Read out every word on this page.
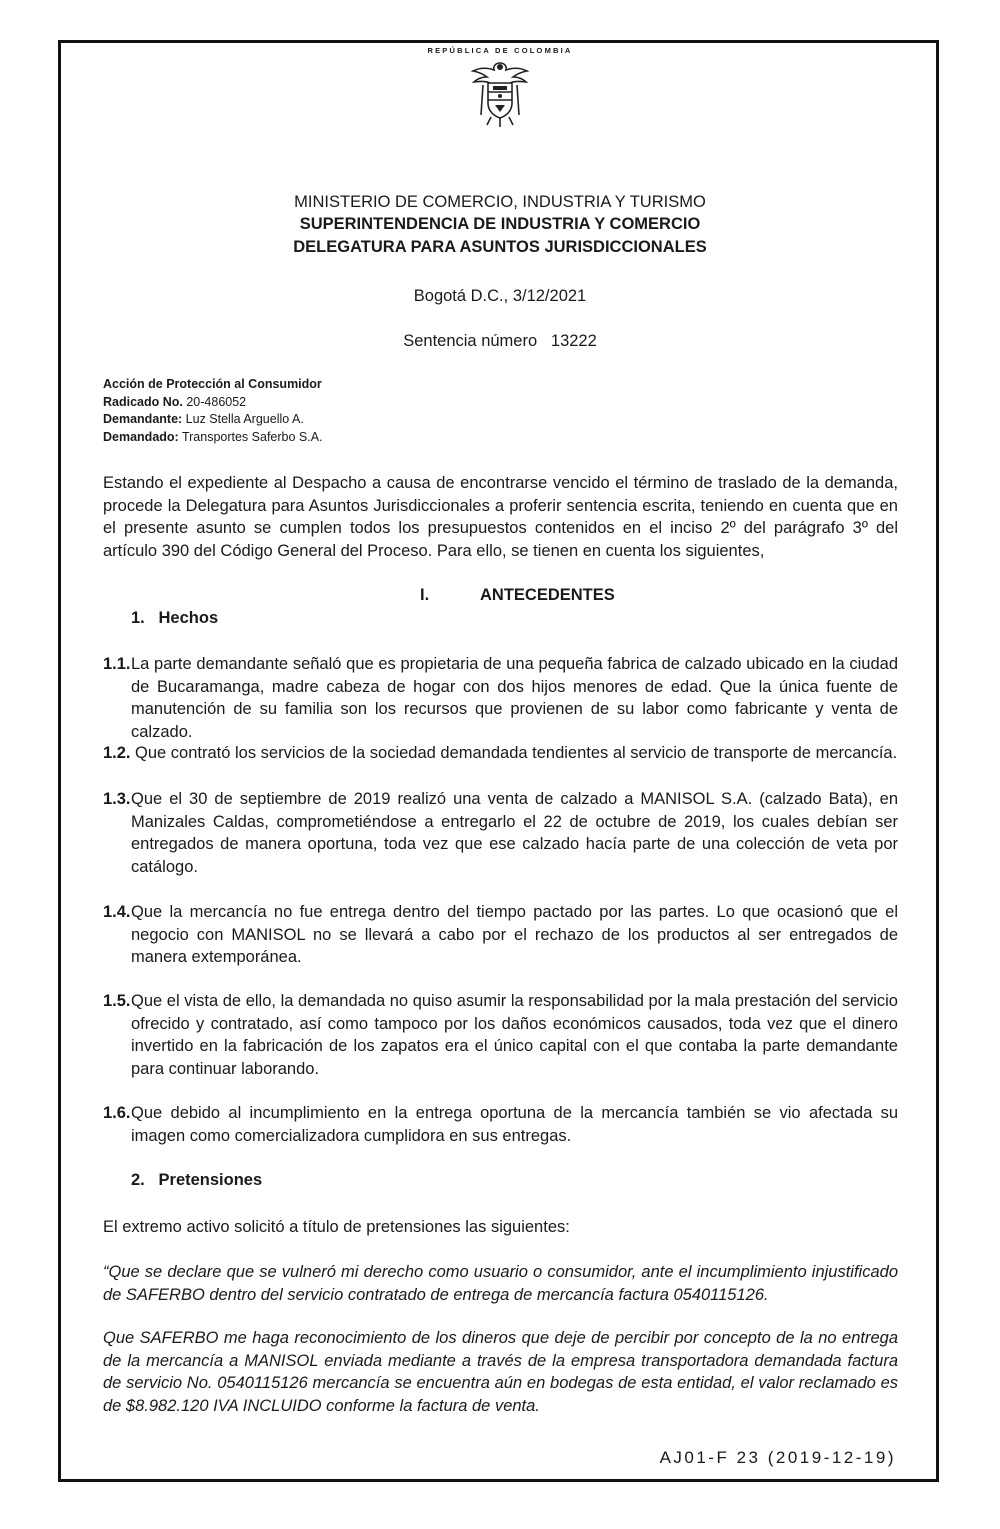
REPÚBLICA DE COLOMBIA
MINISTERIO DE COMERCIO, INDUSTRIA Y TURISMO
SUPERINTENDENCIA DE INDUSTRIA Y COMERCIO
DELEGATURA PARA ASUNTOS JURISDICCIONALES
Bogotá D.C., 3/12/2021
Sentencia número   13222
Acción de Protección al Consumidor
Radicado No. 20-486052
Demandante: Luz Stella Arguello A.
Demandado: Transportes Saferbo S.A.
Estando el expediente al Despacho a causa de encontrarse vencido el término de traslado de la demanda, procede la Delegatura para Asuntos Jurisdiccionales a proferir sentencia escrita, teniendo en cuenta que en el presente asunto se cumplen todos los presupuestos contenidos en el inciso 2º del parágrafo 3º del artículo 390 del Código General del Proceso. Para ello, se tienen en cuenta los siguientes,
I.	ANTECEDENTES
1.   Hechos
1.1. La parte demandante señaló que es propietaria de una pequeña fabrica de calzado ubicado en la ciudad de Bucaramanga, madre cabeza de hogar con dos hijos menores de edad. Que la única fuente de manutención de su familia son los recursos que provienen de su labor como fabricante y venta de calzado.
1.2. Que contrató los servicios de la sociedad demandada tendientes al servicio de transporte de mercancía.
1.3. Que el 30 de septiembre de 2019 realizó una venta de calzado a MANISOL S.A. (calzado Bata), en Manizales Caldas, comprometiéndose a entregarlo el 22 de octubre de 2019, los cuales debían ser entregados de manera oportuna, toda vez que ese calzado hacía parte de una colección de veta por catálogo.
1.4. Que la mercancía no fue entrega dentro del tiempo pactado por las partes. Lo que ocasionó que el negocio con MANISOL no se llevará a cabo por el rechazo de los productos al ser entregados de manera extemporánea.
1.5. Que el vista de ello, la demandada no quiso asumir la responsabilidad por la mala prestación del servicio ofrecido y contratado, así como tampoco por los daños económicos causados, toda vez que el dinero invertido en la fabricación de los zapatos era el único capital con el que contaba la parte demandante para continuar laborando.
1.6. Que debido al incumplimiento en la entrega oportuna de la mercancía también se vio afectada su imagen como comercializadora cumplidora en sus entregas.
2.   Pretensiones
El extremo activo solicitó a título de pretensiones las siguientes:
“Que se declare que se vulneró mi derecho como usuario o consumidor, ante el incumplimiento injustificado de SAFERBO dentro del servicio contratado de entrega de mercancía factura 0540115126.
Que SAFERBO me haga reconocimiento de los dineros que deje de percibir por concepto de la no entrega de la mercancía a MANISOL enviada mediante a través de la empresa transportadora demandada factura de servicio No. 0540115126 mercancía se encuentra aún en bodegas de esta entidad, el valor reclamado es de $8.982.120 IVA INCLUIDO conforme la factura de venta.
AJ01-F 23 (2019-12-19)
